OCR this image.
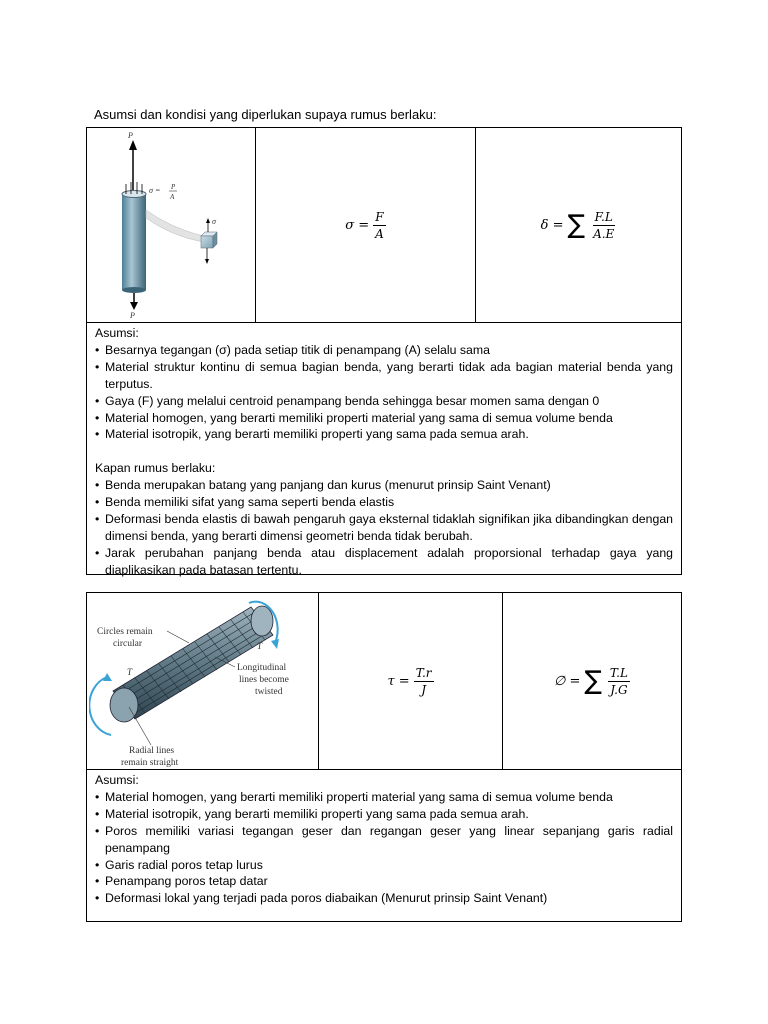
Asumsi dan kondisi yang diperlukan supaya rumus berlaku:
P
σ = P
A
σ
P
$\sigma = \frac{F}{A}$	δ = ∑ $\frac{F.L}{A.E}$

Asumsi:

• Besarnya tegangan (σ) pada setiap titik di penampang (A) selalu sama
• Material struktur kontinu di semua bagian benda, yang berarti tidak ada bagian material benda yang terputus.
• Gaya (F) yang melalui centroid penampang benda sehingga besar momen sama dengan 0
• Material homogen, yang berarti memiliki properti material yang sama di semua volume benda
• Material isotropik, yang berarti memiliki properti yang sama pada semua arah.

Kapan rumus berlaku:

• Benda merupakan batang yang panjang dan kurus (menurut prinsip Saint Venant)
• Benda memiliki sifat yang sama seperti benda elastis
• Deformasi benda elastis di bawah pengaruh gaya eksternal tidaklah signifikan jika dibandingkan dengan dimensi benda, yang berarti dimensi geometri benda tidak berubah.
• Jarak perubahan panjang benda atau displacement adalah proporsional terhadap gaya yang diaplikasikan pada batasan tertentu.
T
T
Circles remain
circular
Longitudinal
lines become
twisted
Radial lines
remain straight
$\tau = \frac{T.r}{J}$	∅ = ∑ $\frac{T.L}{J.G}$

Asumsi:

• Material homogen, yang berarti memiliki properti material yang sama di semua volume benda
• Material isotropik, yang berarti memiliki properti yang sama pada semua arah.
• Poros memiliki variasi tegangan geser dan regangan geser yang linear sepanjang garis radial penampang
• Garis radial poros tetap lurus
• Penampang poros tetap datar
• Deformasi lokal yang terjadi pada poros diabaikan (Menurut prinsip Saint Venant)
